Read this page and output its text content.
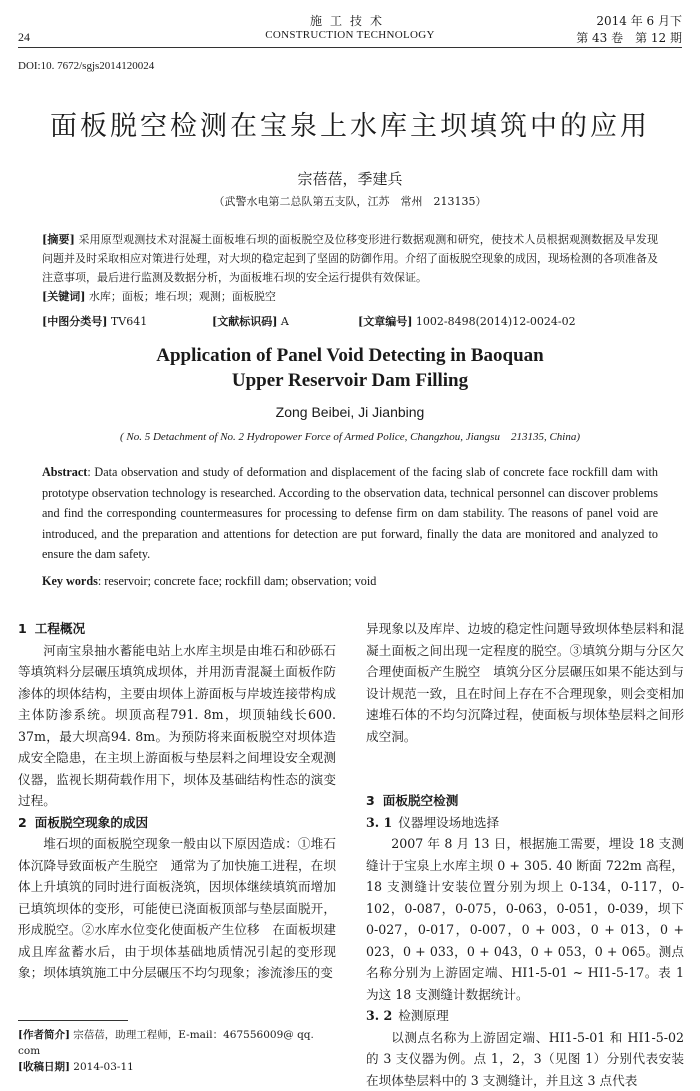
24
施工技术
CONSTRUCTION TECHNOLOGY
2014 年 6 月下
第 43 卷　第 12 期
DOI:10. 7672/sgjs2014120024
面板脱空检测在宝泉上水库主坝填筑中的应用
宗蓓蓓，季建兵
（武警水电第二总队第五支队，江苏　常州　213135）
[摘要] 采用原型观测技术对混凝土面板堆石坝的面板脱空及位移变形进行数据观测和研究，使技术人员根据观测数据及早发现问题并及时采取相应对策进行处理，对大坝的稳定起到了坚固的防御作用。介绍了面板脱空现象的成因，现场检测的各项准备及注意事项，最后进行监测及数据分析，为面板堆石坝的安全运行提供有效保证。
[关键词] 水库；面板；堆石坝；观测；面板脱空
[中图分类号] TV641	[文献标识码] A	[文章编号] 1002-8498(2014)12-0024-02
Application of Panel Void Detecting in Baoquan
Upper Reservoir Dam Filling
Zong Beibei, Ji Jianbing
( No. 5 Detachment of No. 2 Hydropower Force of Armed Police, Changzhou, Jiangsu　213135, China)
Abstract: Data observation and study of deformation and displacement of the facing slab of concrete face rockfill dam with prototype observation technology is researched. According to the observation data, technical personnel can discover problems and find the corresponding countermeasures for processing to defense firm on dam stability. The reasons of panel void are introduced, and the preparation and attentions for detection are put forward, finally the data are monitored and analyzed to ensure the dam safety.
Key words: reservoir; concrete face; rockfill dam; observation; void
1 工程概况

河南宝泉抽水蓄能电站上水库主坝是由堆石和砂砾石等填筑料分层碾压填筑成坝体，并用沥青混凝土面板作防渗体的坝体结构，主要由坝体上游面板与岸坡连接带构成主体防渗系统。坝顶高程791. 8m，坝顶轴线长600. 37m，最大坝高94. 8m。为预防将来面板脱空对坝体造成安全隐患，在主坝上游面板与垫层料之间埋设安全观测仪器，监视长期荷载作用下，坝体及基础结构性态的演变过程。

2 面板脱空现象的成因

堆石坝的面板脱空现象一般由以下原因造成：①堆石体沉降导致面板产生脱空　通常为了加快施工进程，在坝体上升填筑的同时进行面板浇筑，因坝体继续填筑而增加已填筑坝体的变形，可能使已浇面板顶部与垫层面脱开，形成脱空。②水库水位变化使面板产生位移　在面板坝建成且库盆蓄水后，由于坝体基础地质情况引起的变形现象；坝体填筑施工中分层碾压不均匀现象；渗流渗压的变

异现象以及库岸、边坡的稳定性问题导致坝体垫层料和混凝土面板之间出现一定程度的脱空。③填筑分期与分区欠合理使面板产生脱空　填筑分区分层碾压如果不能达到与设计规范一致，且在时间上存在不合理现象，则会变相加速堆石体的不均匀沉降过程，使面板与坝体垫层料之间形成空洞。

3 面板脱空检测
3. 1 仪器埋设场地选择

2007 年 8 月 13 日，根据施工需要，埋设 18 支测缝计于宝泉上水库主坝 0 + 305. 40 断面 722m 高程，18 支测缝计安装位置分别为坝上 0-134，0-117，0-102，0-087，0-075，0-063，0-051，0-039，坝下 0-027，0-017，0-007，0 + 003，0 + 013，0 + 023，0 + 033，0 + 043，0 + 053，0 + 065。测点名称分别为上游固定端、HI1-5-01 ~ HI1-5-17。表 1 为这 18 支测缝计数据统计。

3. 2 检测原理

以测点名称为上游固定端、HI1-5-01 和 HI1-5-02 的 3 支仪器为例。点 1，2，3（见图 1）分别代表安装在坝体垫层料中的 3 支测缝计，并且这 3 点代表

[作者简介] 宗蓓蓓，助理工程师，E-mail：467556009@ qq. com
[收稿日期] 2014-03-11
